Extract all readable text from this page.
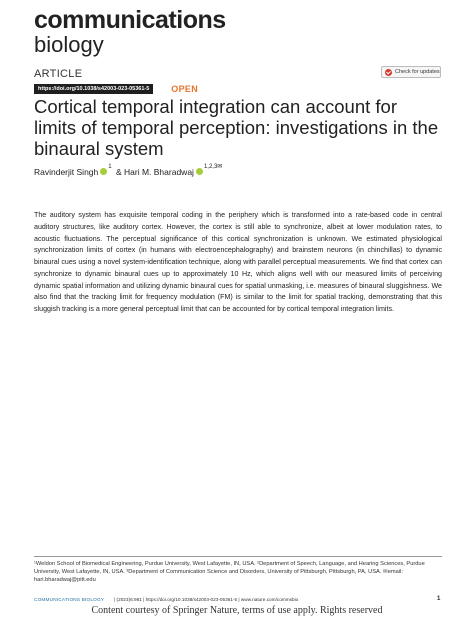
communications
biology
ARTICLE	Check for updates
https://doi.org/10.1038/s42003-023-05361-5	OPEN
Cortical temporal integration can account for limits of temporal perception: investigations in the binaural system
Ravinderjit Singh 1 & Hari M. Bharadwaj 1,2,3✉

The auditory system has exquisite temporal coding in the periphery which is transformed into a rate-based code in central auditory structures, like auditory cortex. However, the cortex is still able to synchronize, albeit at lower modulation rates, to acoustic fluctuations. The perceptual significance of this cortical synchronization is unknown. We estimated physiological synchronization limits of cortex (in humans with electroencephalography) and brainstem neurons (in chinchillas) to dynamic binaural cues using a novel system-identification technique, along with parallel perceptual measurements. We find that cortex can synchronize to dynamic binaural cues up to approximately 10 Hz, which aligns well with our measured limits of perceiving dynamic spatial information and utilizing dynamic binaural cues for spatial unmasking, i.e. measures of binaural sluggishness. We also find that the tracking limit for frequency modulation (FM) is similar to the limit for spatial tracking, demonstrating that this sluggish tracking is a more general perceptual limit that can be accounted for by cortical temporal integration limits.

¹Weldon School of Biomedical Engineering, Purdue University, West Lafayette, IN, USA. ²Department of Speech, Language, and Hearing Sciences, Purdue University, West Lafayette, IN, USA. ³Department of Communication Science and Disorders, University of Pittsburgh, Pittsburgh, PA, USA. ✉email: hari.bharadwaj@pitt.edu

COMMUNICATIONS BIOLOGY | (2023)6:981 | https://doi.org/10.1038/s42003-023-05361-5 | www.nature.com/commsbio	1
Content courtesy of Springer Nature, terms of use apply. Rights reserved
